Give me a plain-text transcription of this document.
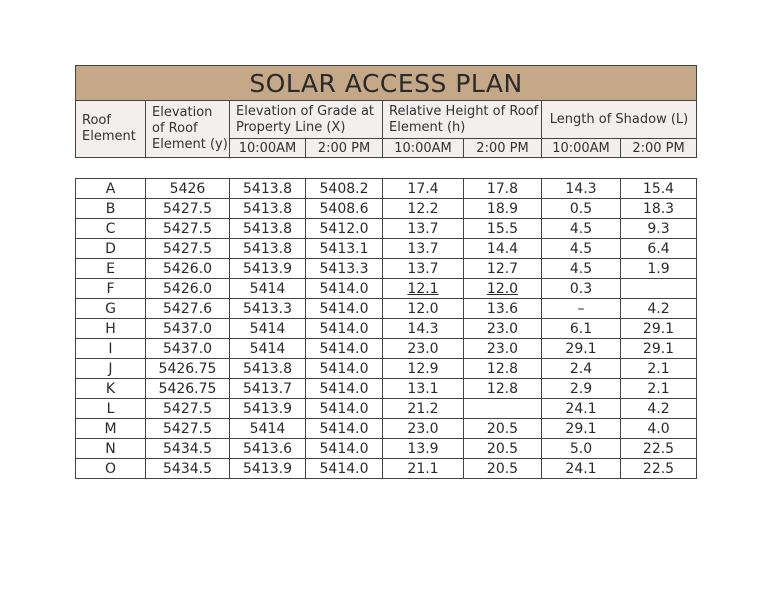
SOLAR ACCESS PLAN							
Roof Element	Elevation of Roof Element (y)	Elevation of Grade at Property Line (X)		Relative Height of Roof Element (h)		Length of Shadow (L)	
		10:00AM	2:00 PM	10:00AM	2:00 PM	10:00AM	2:00 PM
A	5426	5413.8	5408.2	17.4	17.8	14.3	15.4
B	5427.5	5413.8	5408.6	12.2	18.9	0.5	18.3
C	5427.5	5413.8	5412.0	13.7	15.5	4.5	9.3
D	5427.5	5413.8	5413.1	13.7	14.4	4.5	6.4
E	5426.0	5413.9	5413.3	13.7	12.7	4.5	1.9
F	5426.0	5414	5414.0	12.1	12.0	0.3	
G	5427.6	5413.3	5414.0	12.0	13.6	–	4.2
H	5437.0	5414	5414.0	14.3	23.0	6.1	29.1
I	5437.0	5414	5414.0	23.0	23.0	29.1	29.1
J	5426.75	5413.8	5414.0	12.9	12.8	2.4	2.1
K	5426.75	5413.7	5414.0	13.1	12.8	2.9	2.1
L	5427.5	5413.9	5414.0	21.2		24.1	4.2
M	5427.5	5414	5414.0	23.0	20.5	29.1	4.0
N	5434.5	5413.6	5414.0	13.9	20.5	5.0	22.5
O	5434.5	5413.9	5414.0	21.1	20.5	24.1	22.5
